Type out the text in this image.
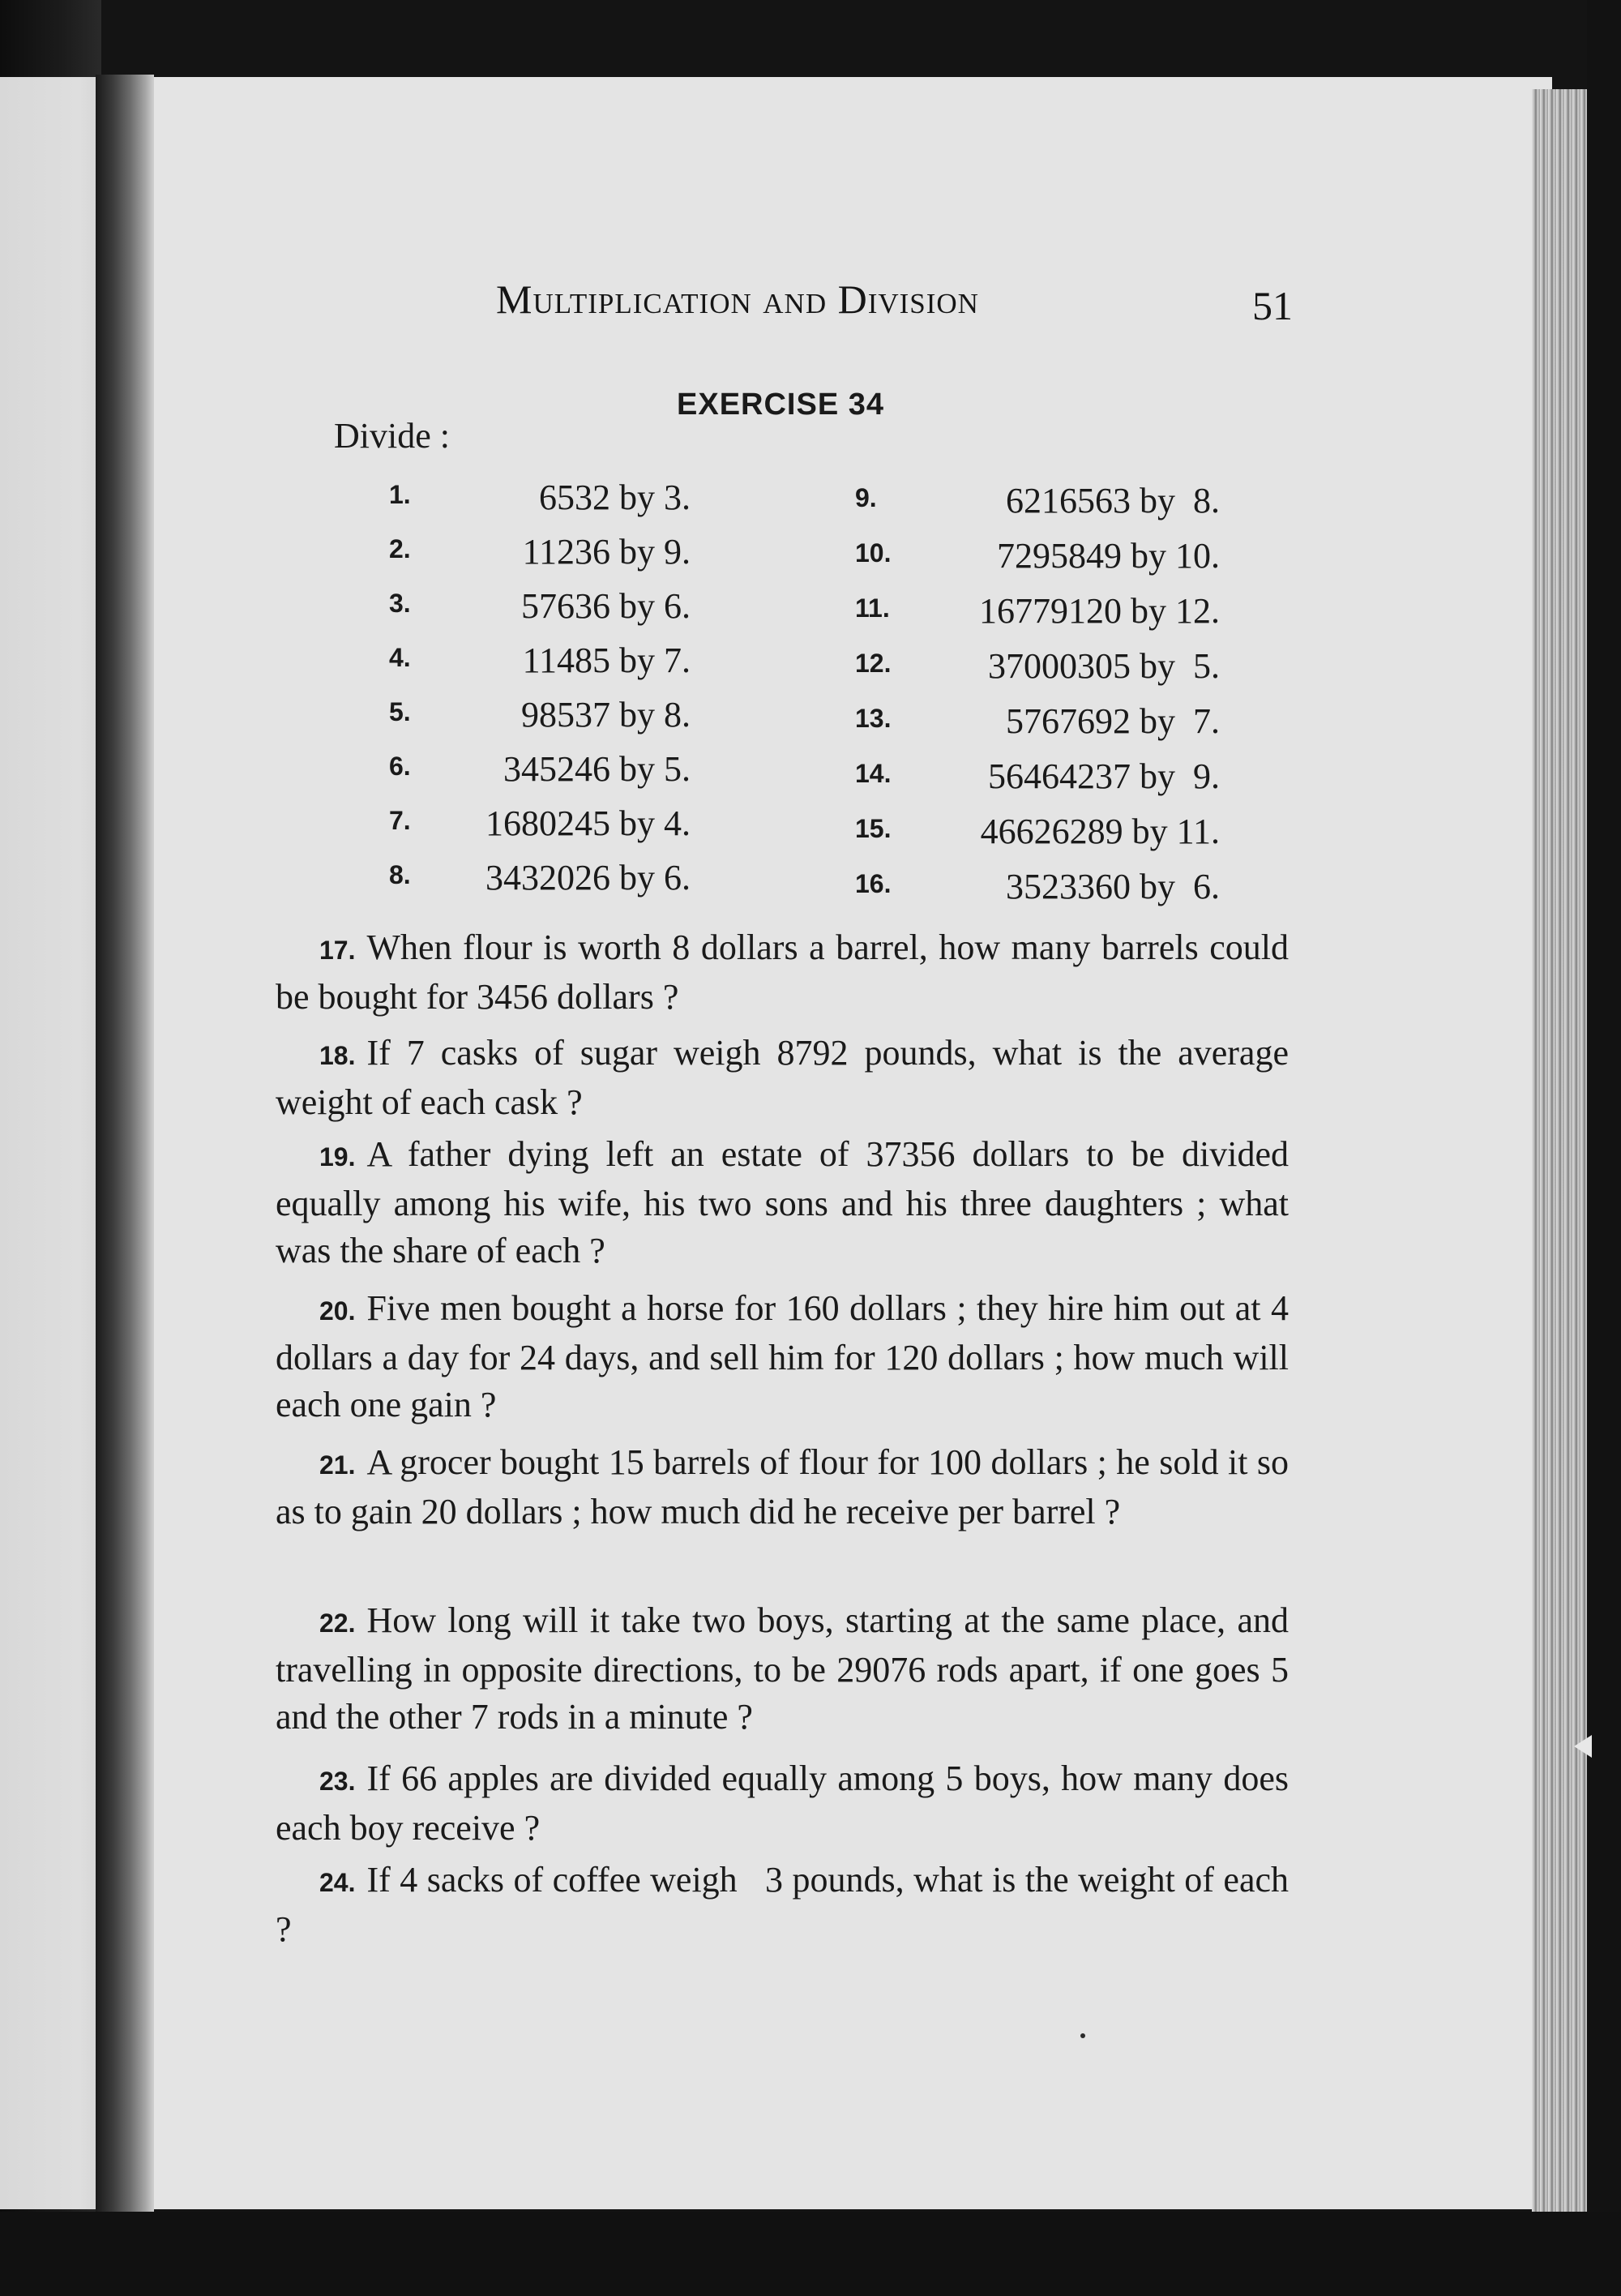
Multiplication and Division	51
EXERCISE 34
Divide :
1.	6532 by 3.
2.	11236 by 9.
3.	57636 by 6.
4.	11485 by 7.
5.	98537 by 8.
6.	345246 by 5.
7. 1680245 by 4.
8. 3432026 by 6.
9.	6216563 by  8.
10.	7295849 by 10.
11.	16779120 by 12.
12.	37000305 by  5.
13.	5767692 by  7.
14.	56464237 by  9.
15.	46626289 by 11.
16.	3523360 by  6.
17. When flour is worth 8 dollars a barrel, how many barrels could be bought for 3456 dollars ?
18. If 7 casks of sugar weigh 8792 pounds, what is the average weight of each cask ?
19. A father dying left an estate of 37356 dollars to be divided equally among his wife, his two sons and his three daughters ; what was the share of each ?
20. Five men bought a horse for 160 dollars ; they hire him out at 4 dollars a day for 24 days, and sell him for 120 dollars ; how much will each one gain ?
21. A grocer bought 15 barrels of flour for 100 dollars ; he sold it so as to gain 20 dollars ; how much did he receive per barrel ?
22. How long will it take two boys, starting at the same place, and travelling in opposite directions, to be 29076 rods apart, if one goes 5 and the other 7 rods in a minute ?
23. If 66 apples are divided equally among 5 boys, how many does each boy receive ?
24. If 4 sacks of coffee weigh   3 pounds, what is the weight of each ?
